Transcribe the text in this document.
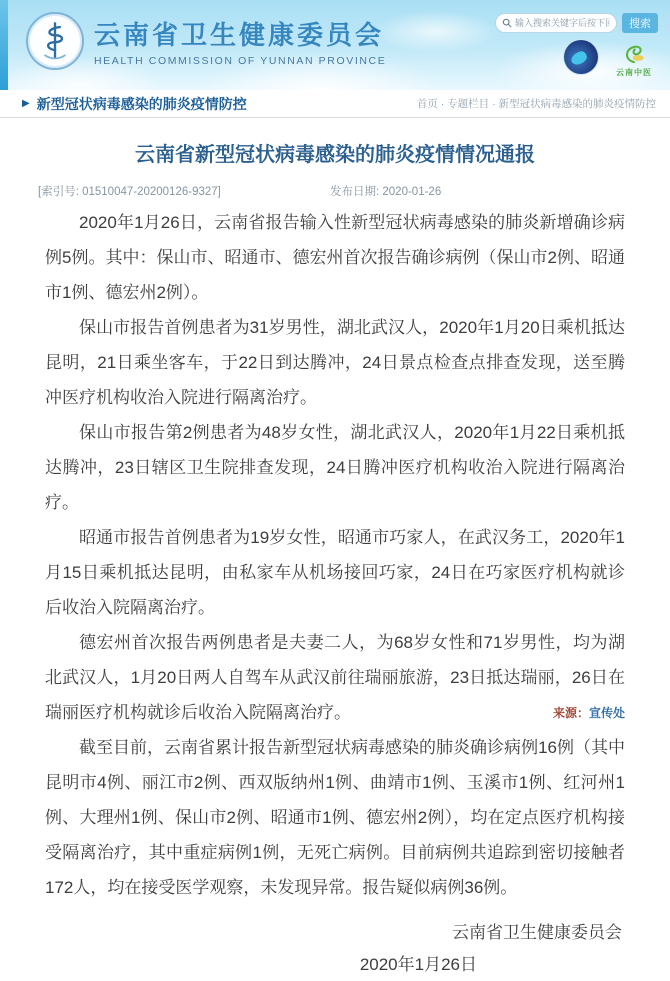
云南省卫生健康委员会
HEALTH COMMISSION OF YUNNAN PROVINCE
输入搜索关键字后按下回车
搜索
云南中医
▶ 新型冠状病毒感染的肺炎疫情防控	首页 · 专题栏目 · 新型冠状病毒感染的肺炎疫情防控
云南省新型冠状病毒感染的肺炎疫情情况通报
[索引号: 01510047-20200126-9327]	发布日期: 2020-01-26

2020年1月26日，云南省报告输入性新型冠状病毒感染的肺炎新增确诊病例5例。其中：保山市、昭通市、德宏州首次报告确诊病例（保山市2例、昭通市1例、德宏州2例）。

保山市报告首例患者为31岁男性，湖北武汉人，2020年1月20日乘机抵达昆明，21日乘坐客车，于22日到达腾冲，24日景点检查点排查发现，送至腾冲医疗机构收治入院进行隔离治疗。

保山市报告第2例患者为48岁女性，湖北武汉人，2020年1月22日乘机抵达腾冲，23日辖区卫生院排查发现，24日腾冲医疗机构收治入院进行隔离治疗。

昭通市报告首例患者为19岁女性，昭通市巧家人，在武汉务工，2020年1月15日乘机抵达昆明，由私家车从机场接回巧家，24日在巧家医疗机构就诊后收治入院隔离治疗。

德宏州首次报告两例患者是夫妻二人，为68岁女性和71岁男性，均为湖北武汉人，1月20日两人自驾车从武汉前往瑞丽旅游，23日抵达瑞丽，26日在瑞丽医疗机构就诊后收治入院隔离治疗。

截至目前，云南省累计报告新型冠状病毒感染的肺炎确诊病例16例（其中昆明市4例、丽江市2例、西双版纳州1例、曲靖市1例、玉溪市1例、红河州1例、大理州1例、保山市2例、昭通市1例、德宏州2例），均在定点医疗机构接受隔离治疗，其中重症病例1例，无死亡病例。目前病例共追踪到密切接触者172人，均在接受医学观察，未发现异常。报告疑似病例36例。

云南省卫生健康委员会
2020年1月26日
来源：宣传处
